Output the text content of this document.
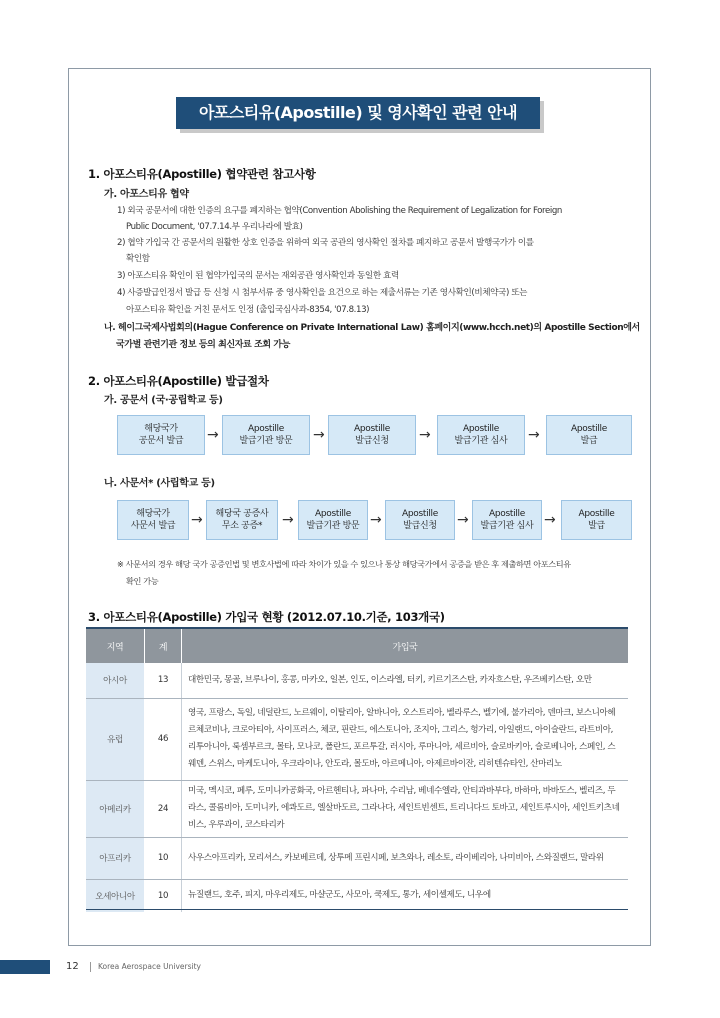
아포스티유(Apostille) 및 영사확인 관련 안내
1. 아포스티유(Apostille) 협약관련 참고사항
가. 아포스티유 협약
1) 외국 공문서에 대한 인증의 요구를 폐지하는 협약(Convention Abolishing the Requirement of Legalization for Foreign
Public Document, '07.7.14.부 우리나라에 발효)
2) 협약 가입국 간 공문서의 원활한 상호 인증을 위하여 외국 공관의 영사확인 절차를 폐지하고 공문서 발행국가가 이를
확인함
3) 아포스티유 확인이 된 협약가입국의 문서는 재외공관 영사확인과 동일한 효력
4) 사증발급인정서 발급 등 신청 시 첨부서류 중 영사확인을 요건으로 하는 제출서류는 기존 영사확인(비체약국) 또는
아포스티유 확인을 거친 문서도 인정 (출입국심사과-8354, '07.8.13)
나. 헤이그국제사법회의(Hague Conference on Private International Law) 홈페이지(www.hcch.net)의 Apostille Section에서
국가별 관련기관 정보 등의 최신자료 조회 가능
2. 아포스티유(Apostille) 발급절차
가. 공문서 (국·공립학교 등)
해당국가
공문서 발급 →	Apostille
발급기관 방문 →	Apostille
발급신청 →	Apostille
발급기관 심사 →	Apostille
발급
나. 사문서* (사립학교 등)
해당국가
사문서 발급 → 해당국 공증사
무소 공증*	→	Apostille
발급기관 방문 → Apostille
발급신청 →	Apostille
발급기관 심사 →	Apostille
발급
※ 사문서의 경우 해당 국가 공증인법 및 변호사법에 따라 차이가 있을 수 있으나 통상 해당국가에서 공증을 받은 후 제출하면 아포스티유
확인 가능
3. 아포스티유(Apostille) 가입국 현황 (2012.07.10.기준, 103개국)
지역	계	가입국
아시아	13	대한민국, 몽골, 브루나이, 홍콩, 마카오, 일본, 인도, 이스라엘, 터키, 키르기즈스탄, 카자흐스탄, 우즈베키스탄, 오만
유럽	46	영국, 프랑스, 독일, 네덜란드, 노르웨이, 이탈리아, 알바니아, 오스트리아, 벨라루스, 벨기에, 불가리아, 덴마크, 보스니아헤르체코비나, 크로아티아, 사이프러스, 체코, 핀란드, 에스토니아, 조지아, 그리스, 헝가리, 아일랜드, 아이슬란드, 라트비아, 리투아니아, 룩셈부르크, 몰타, 모나코, 폴란드, 포르투갈, 러시아, 루마니아, 세르비아, 슬로바키아, 슬로베니아, 스페인, 스웨덴, 스위스, 마케도니아, 우크라이나, 안도라, 몰도바, 아르메니아, 아제르바이잔, 리히텐슈타인, 산마리노
아메리카	24	미국, 멕시코, 페루, 도미니카공화국, 아르헨티나, 파나마, 수리남, 베네수엘라, 안티과바부다, 바하마, 바바도스, 벨리즈, 두라스, 콜롬비아, 도미니카, 에콰도르, 엘살바도르, 그라나다, 세인트빈센트, 트리니다드 토바고, 세인트루시아, 세인트키츠네비스, 우루과이, 코스타리카
아프리카	10	사우스아프리카, 모리셔스, 카보베르데, 상투메 프린시페, 보츠와나, 레소토, 라이베리아, 나미비아, 스와질랜드, 말라위
오세아니아	10	뉴질랜드, 호주, 피지, 마우리제도, 마샬군도, 사모아, 쿡제도, 통가, 세이셀제도, 니우에
12	Korea Aerospace University
